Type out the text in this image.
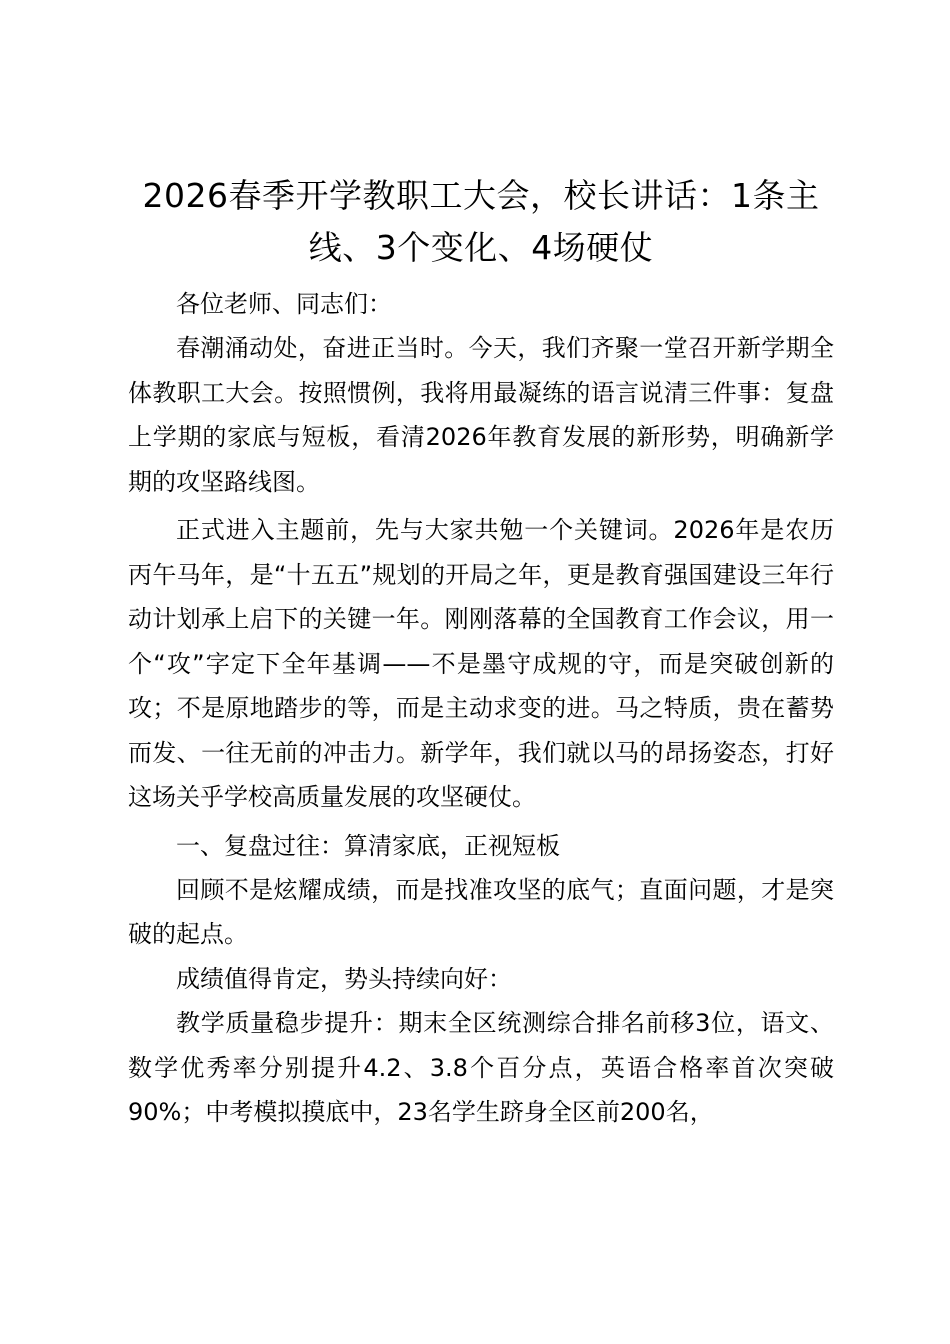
2026春季开学教职工大会，校长讲话：1条主线、3个变化、4场硬仗

各位老师、同志们：

春潮涌动处，奋进正当时。今天，我们齐聚一堂召开新学期全体教职工大会。按照惯例，我将用最凝练的语言说清三件事：复盘上学期的家底与短板，看清2026年教育发展的新形势，明确新学期的攻坚路线图。

正式进入主题前，先与大家共勉一个关键词。2026年是农历丙午马年，是“十五五”规划的开局之年，更是教育强国建设三年行动计划承上启下的关键一年。刚刚落幕的全国教育工作会议，用一个“攻”字定下全年基调——不是墨守成规的守，而是突破创新的攻；不是原地踏步的等，而是主动求变的进。马之特质，贵在蓄势而发、一往无前的冲击力。新学年，我们就以马的昂扬姿态，打好这场关乎学校高质量发展的攻坚硬仗。

一、复盘过往：算清家底，正视短板

回顾不是炫耀成绩，而是找准攻坚的底气；直面问题，才是突破的起点。

成绩值得肯定，势头持续向好：

教学质量稳步提升：期末全区统测综合排名前移3位，语文、数学优秀率分别提升4.2、3.8个百分点，英语合格率首次突破90%；中考模拟摸底中，23名学生跻身全区前200名，
